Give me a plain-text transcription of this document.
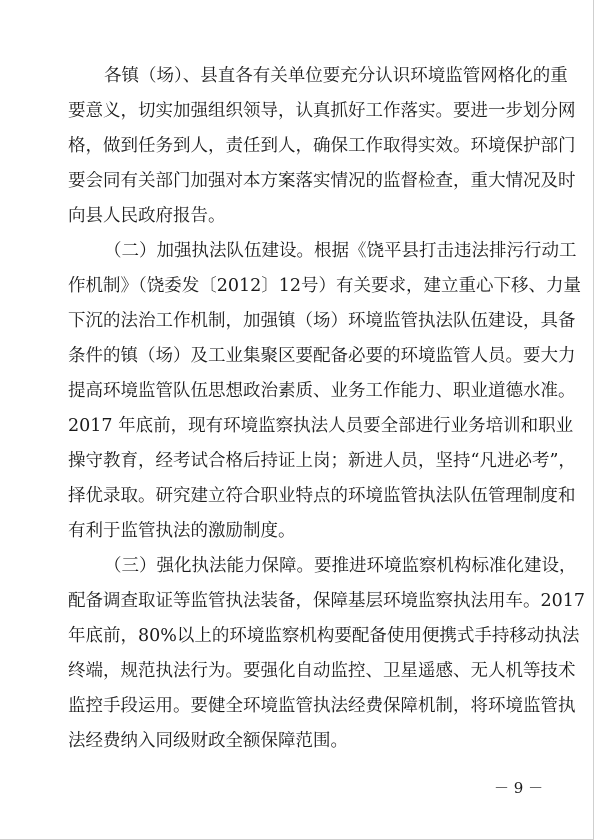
各镇（场）、县直各有关单位要充分认识环境监管网格化的重
要意义，切实加强组织领导，认真抓好工作落实。要进一步划分网
格，做到任务到人，责任到人，确保工作取得实效。环境保护部门
要会同有关部门加强对本方案落实情况的监督检查，重大情况及时
向县人民政府报告。
（二）加强执法队伍建设。根据《饶平县打击违法排污行动工
作机制》（饶委发〔2012〕12号）有关要求，建立重心下移、力量
下沉的法治工作机制，加强镇（场）环境监管执法队伍建设，具备
条件的镇（场）及工业集聚区要配备必要的环境监管人员。要大力
提高环境监管队伍思想政治素质、业务工作能力、职业道德水准。
2017 年底前，现有环境监察执法人员要全部进行业务培训和职业
操守教育，经考试合格后持证上岗；新进人员，坚持“凡进必考”，
择优录取。研究建立符合职业特点的环境监管执法队伍管理制度和
有利于监管执法的激励制度。
（三）强化执法能力保障。要推进环境监察机构标准化建设，
配备调查取证等监管执法装备，保障基层环境监察执法用车。2017
年底前，80%以上的环境监察机构要配备使用便携式手持移动执法
终端，规范执法行为。要强化自动监控、卫星遥感、无人机等技术
监控手段运用。要健全环境监管执法经费保障机制，将环境监管执
法经费纳入同级财政全额保障范围。
－ 9 －
